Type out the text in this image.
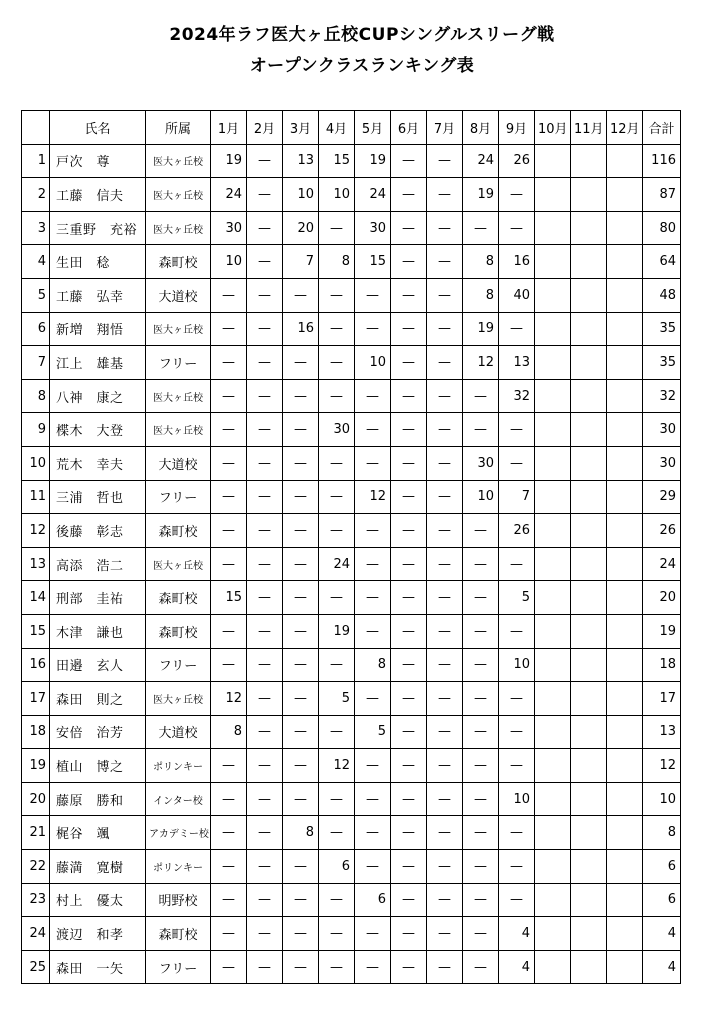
2024年ラフ医大ヶ丘校CUPシングルスリーグ戦
オープンクラスランキング表
	氏名	所属	1月	2月	3月	4月	5月	6月	7月	8月	9月	10月	11月	12月	合計
1	戸次　尊	医大ヶ丘校	19	—	13	15	19	—	—	24	26				116
2	工藤　信夫	医大ヶ丘校	24	—	10	10	24	—	—	19	—				87
3	三重野　充裕	医大ヶ丘校	30	—	20	—	30	—	—	—	—				80
4	生田　稔	森町校	10	—	7	8	15	—	—	8	16				64
5	工藤　弘幸	大道校	—	—	—	—	—	—	—	8	40				48
6	新増　翔悟	医大ヶ丘校	—	—	16	—	—	—	—	19	—				35
7	江上　雄基	フリー	—	—	—	—	10	—	—	12	13				35
8	八神　康之	医大ヶ丘校	—	—	—	—	—	—	—	—	32				32
9	楪木　大登	医大ヶ丘校	—	—	—	30	—	—	—	—	—				30
10	荒木　幸夫	大道校	—	—	—	—	—	—	—	30	—				30
11	三浦　哲也	フリー	—	—	—	—	12	—	—	10	7				29
12	後藤　彰志	森町校	—	—	—	—	—	—	—	—	26				26
13	高添　浩二	医大ヶ丘校	—	—	—	24	—	—	—	—	—				24
14	刑部　圭祐	森町校	15	—	—	—	—	—	—	—	5				20
15	木津　謙也	森町校	—	—	—	19	—	—	—	—	—				19
16	田邉　玄人	フリー	—	—	—	—	8	—	—	—	10				18
17	森田　則之	医大ヶ丘校	12	—	—	5	—	—	—	—	—				17
18	安倍　治芳	大道校	8	—	—	—	5	—	—	—	—				13
19	植山　博之	ポリンキー	—	—	—	12	—	—	—	—	—				12
20	藤原　勝和	インター校	—	—	—	—	—	—	—	—	10				10
21	梶谷　颯	アカデミー校	—	—	8	—	—	—	—	—	—				8
22	藤満　寛樹	ポリンキー	—	—	—	6	—	—	—	—	—				6
23	村上　優太	明野校	—	—	—	—	6	—	—	—	—				6
24	渡辺　和孝	森町校	—	—	—	—	—	—	—	—	4				4
25	森田　一矢	フリー	—	—	—	—	—	—	—	—	4				4
